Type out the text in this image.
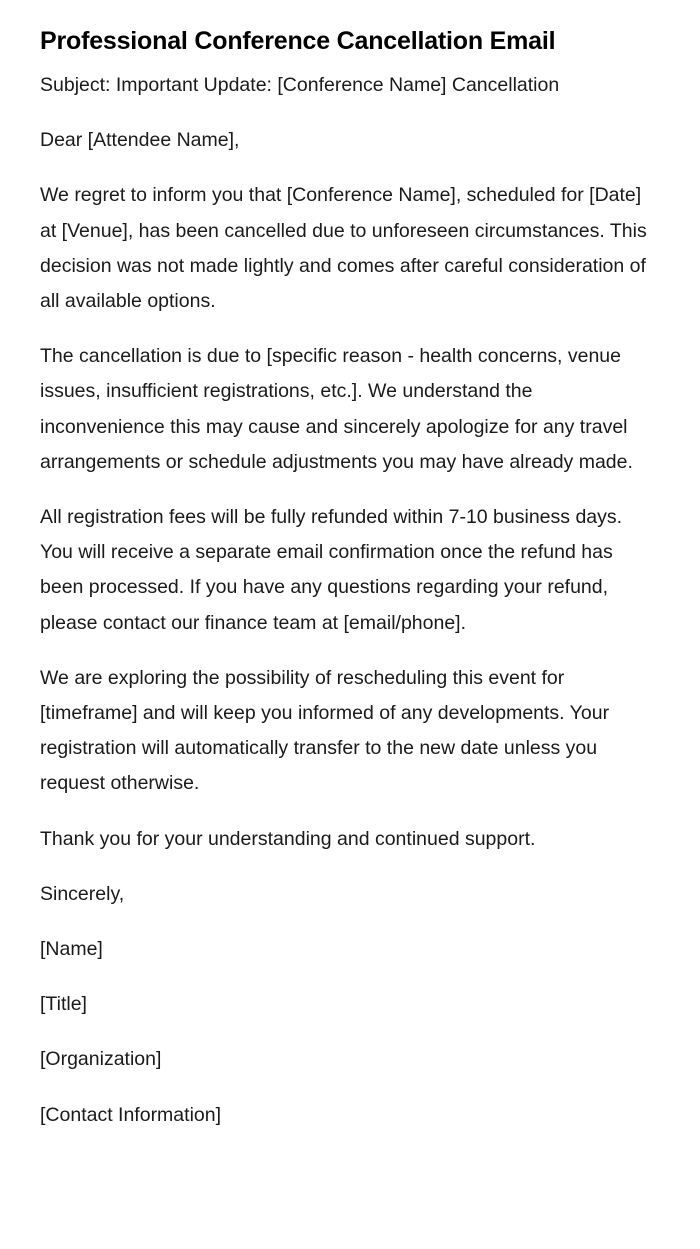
Professional Conference Cancellation Email

Subject: Important Update: [Conference Name] Cancellation

Dear [Attendee Name],

We regret to inform you that [Conference Name], scheduled for [Date] at [Venue], has been cancelled due to unforeseen circumstances. This decision was not made lightly and comes after careful consideration of all available options.

The cancellation is due to [specific reason - health concerns, venue issues, insufficient registrations, etc.]. We understand the inconvenience this may cause and sincerely apologize for any travel arrangements or schedule adjustments you may have already made.

All registration fees will be fully refunded within 7-10 business days. You will receive a separate email confirmation once the refund has been processed. If you have any questions regarding your refund, please contact our finance team at [email/phone].

We are exploring the possibility of rescheduling this event for [timeframe] and will keep you informed of any developments. Your registration will automatically transfer to the new date unless you request otherwise.

Thank you for your understanding and continued support.

Sincerely,

[Name]

[Title]

[Organization]

[Contact Information]
